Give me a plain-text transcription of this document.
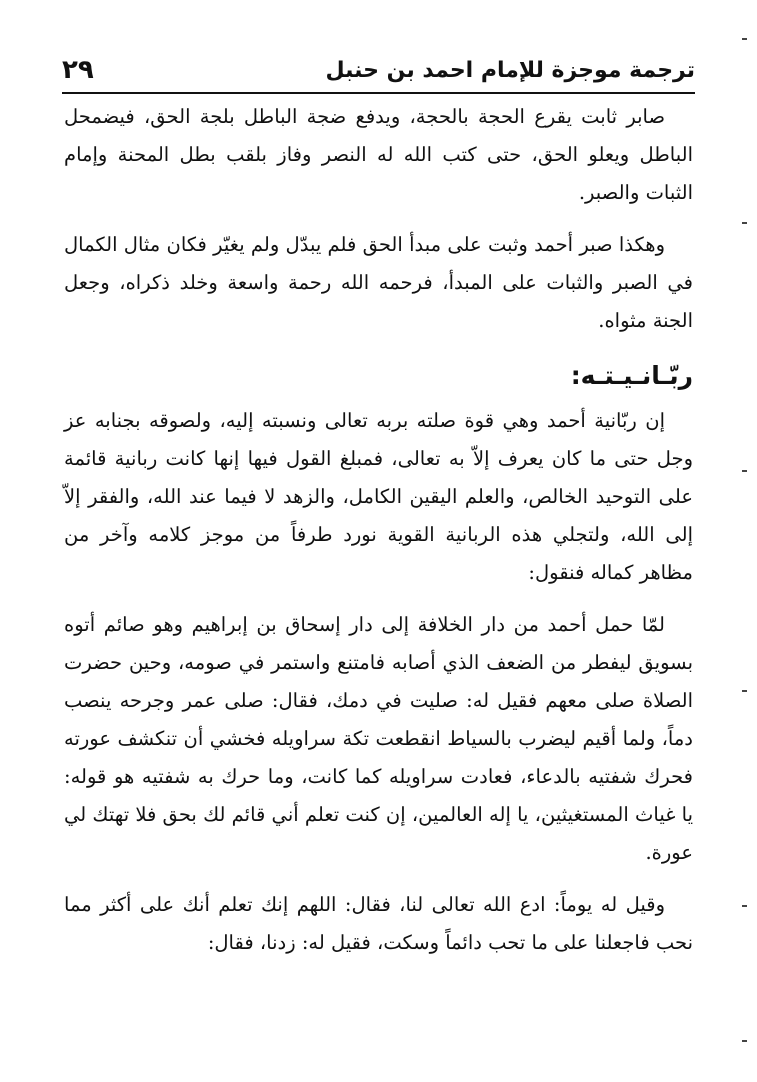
ترجمة موجزة للإمام احمد بن حنبل
٢٩

صابر ثابت يقرع الحجة بالحجة، ويدفع ضجة الباطل بلجة الحق، فيضمحل الباطل ويعلو الحق، حتى كتب الله له النصر وفاز بلقب بطل المحنة وإمام الثبات والصبر.

وهكذا صبر أحمد وثبت على مبدأ الحق فلم يبدّل ولم يغيّر فكان مثال الكمال في الصبر والثبات على المبدأ، فرحمه الله رحمة واسعة وخلد ذكراه، وجعل الجنة مثواه.

ربّـانـيـتـه:

إن ربّانية أحمد وهي قوة صلته بربه تعالى ونسبته إليه، ولصوقه بجنابه عز وجل حتى ما كان يعرف إلاّ به تعالى، فمبلغ القول فيها إنها كانت ربانية قائمة على التوحيد الخالص، والعلم اليقين الكامل، والزهد لا فيما عند الله، والفقر إلاّ إلى الله، ولتجلي هذه الربانية القوية نورد طرفاً من موجز كلامه وآخر من مظاهر كماله فنقول:

لمّا حمل أحمد من دار الخلافة إلى دار إسحاق بن إبراهيم وهو صائم أتوه بسويق ليفطر من الضعف الذي أصابه فامتنع واستمر في صومه، وحين حضرت الصلاة صلى معهم فقيل له: صليت في دمك، فقال: صلى عمر وجرحه ينصب دماً، ولما أقيم ليضرب بالسياط انقطعت تكة سراويله فخشي أن تنكشف عورته فحرك شفتيه بالدعاء، فعادت سراويله كما كانت، وما حرك به شفتيه هو قوله: يا غياث المستغيثين، يا إله العالمين، إن كنت تعلم أني قائم لك بحق فلا تهتك لي عورة.

وقيل له يوماً: ادع الله تعالى لنا، فقال: اللهم إنك تعلم أنك على أكثر مما نحب فاجعلنا على ما تحب دائماً وسكت، فقيل له: زدنا، فقال:
